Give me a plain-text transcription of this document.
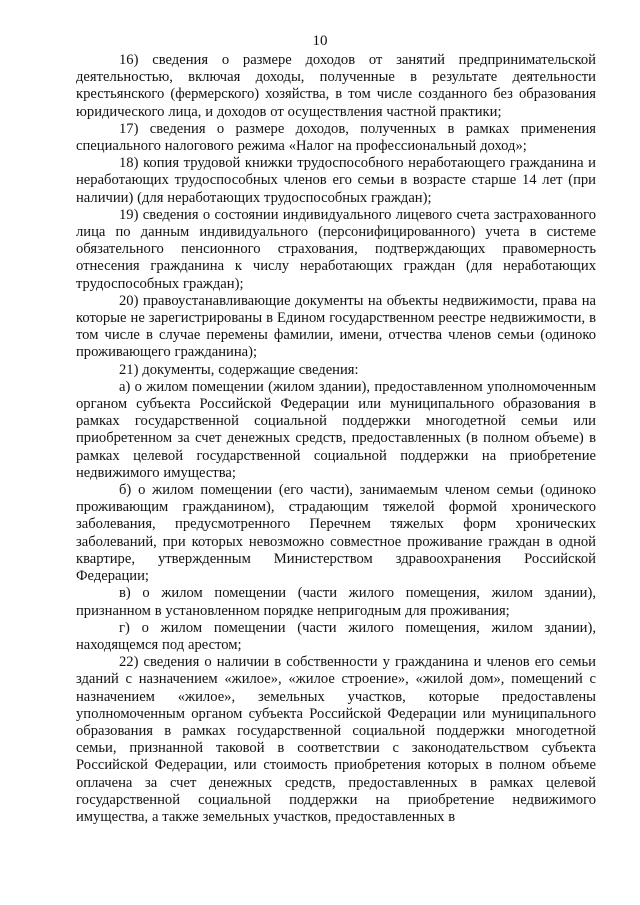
10

16) сведения о размере доходов от занятий предпринимательской деятельностью, включая доходы, полученные в результате деятельности крестьянского (фермерского) хозяйства, в том числе созданного без образования юридического лица, и доходов от осуществления частной практики;

17) сведения о размере доходов, полученных в рамках применения специального налогового режима «Налог на профессиональный доход»;

18) копия трудовой книжки трудоспособного неработающего гражданина и неработающих трудоспособных членов его семьи в возрасте старше 14 лет (при наличии) (для неработающих трудоспособных граждан);

19) сведения о состоянии индивидуального лицевого счета застрахованного лица по данным индивидуального (персонифицированного) учета в системе обязательного пенсионного страхования, подтверждающих правомерность отнесения гражданина к числу неработающих граждан (для неработающих трудоспособных граждан);

20) правоустанавливающие документы на объекты недвижимости, права на которые не зарегистрированы в Едином государственном реестре недвижимости, в том числе в случае перемены фамилии, имени, отчества членов семьи (одиноко проживающего гражданина);

21) документы, содержащие сведения:

а) о жилом помещении (жилом здании), предоставленном уполномоченным органом субъекта Российской Федерации или муниципального образования в рамках государственной социальной поддержки многодетной семьи или приобретенном за счет денежных средств, предоставленных (в полном объеме) в рамках целевой государственной социальной поддержки на приобретение недвижимого имущества;

б) о жилом помещении (его части), занимаемым членом семьи (одиноко проживающим гражданином), страдающим тяжелой формой хронического заболевания, предусмотренного Перечнем тяжелых форм хронических заболеваний, при которых невозможно совместное проживание граждан в одной квартире, утвержденным Министерством здравоохранения Российской Федерации;

в) о жилом помещении (части жилого помещения, жилом здании), признанном в установленном порядке непригодным для проживания;

г) о жилом помещении (части жилого помещения, жилом здании), находящемся под арестом;

22) сведения о наличии в собственности у гражданина и членов его семьи зданий с назначением «жилое», «жилое строение», «жилой дом», помещений с назначением «жилое», земельных участков, которые предоставлены уполномоченным органом субъекта Российской Федерации или муниципального образования в рамках государственной социальной поддержки многодетной семьи, признанной таковой в соответствии с законодательством субъекта Российской Федерации, или стоимость приобретения которых в полном объеме оплачена за счет денежных средств, предоставленных в рамках целевой государственной социальной поддержки на приобретение недвижимого имущества, а также земельных участков, предоставленных в
